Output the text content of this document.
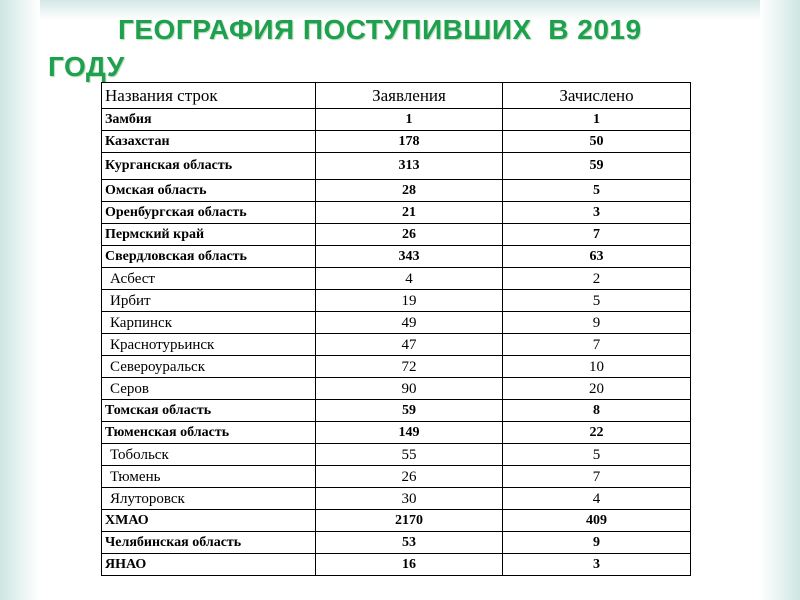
ГЕОГРАФИЯ ПОСТУПИВШИХ  В 2019
ГОДУ
Названия строк	Заявления	Зачислено
Замбия	1	1
Казахстан	178	50
Курганская область	313	59
Омская область	28	5
Оренбургская область	21	3
Пермский край	26	7
Свердловская область	343	63
Асбест	4	2
Ирбит	19	5
Карпинск	49	9
Краснотурьинск	47	7
Североуральск	72	10
Серов	90	20
Томская область	59	8
Тюменская область	149	22
Тобольск	55	5
Тюмень	26	7
Ялуторовск	30	4
ХМАО	2170	409
Челябинская область	53	9
ЯНАО	16	3
